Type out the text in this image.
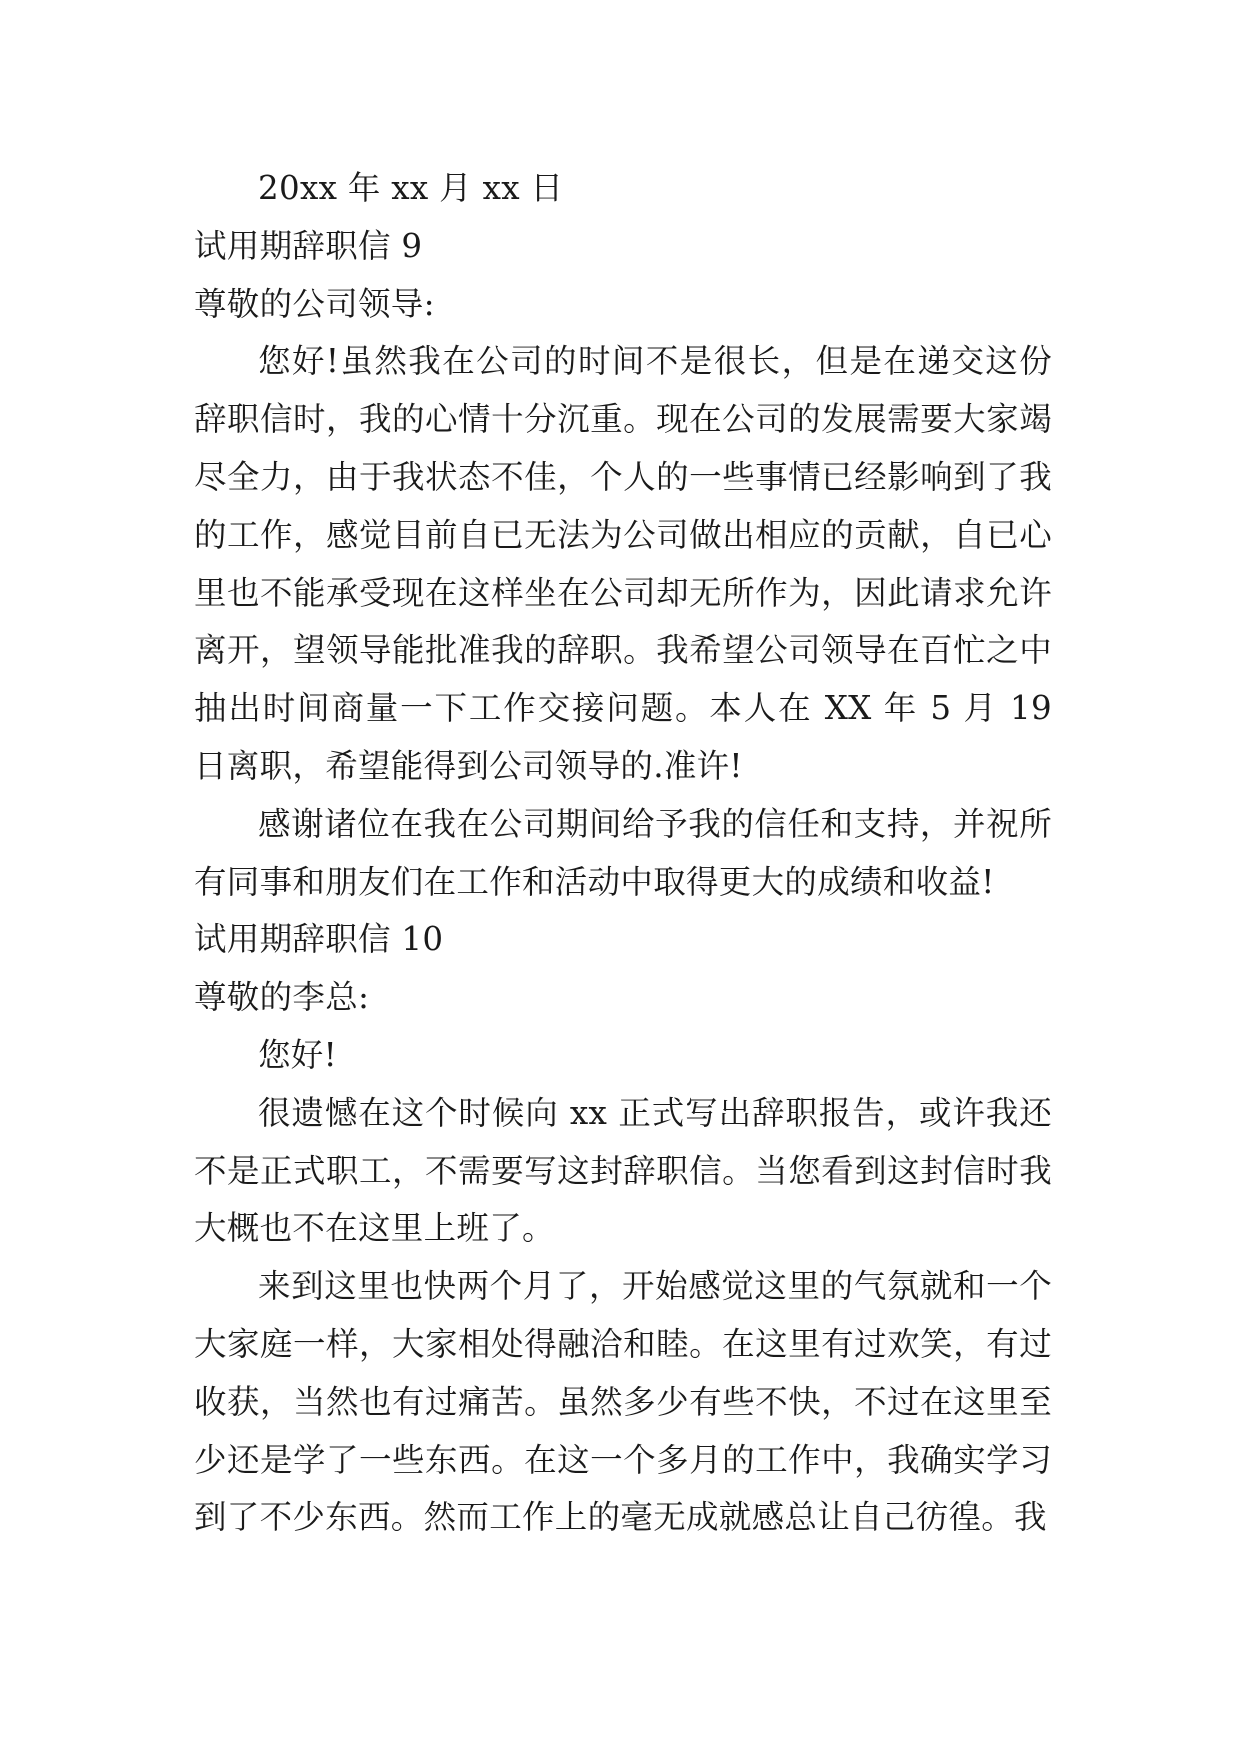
20xx 年 xx 月 xx 日

试用期辞职信 9

尊敬的公司领导:

您好!虽然我在公司的时间不是很长，但是在递交这份辞职信时，我的心情十分沉重。现在公司的发展需要大家竭尽全力，由于我状态不佳，个人的一些事情已经影响到了我的工作，感觉目前自已无法为公司做出相应的贡献，自已心里也不能承受现在这样坐在公司却无所作为，因此请求允许离开，望领导能批准我的辞职。我希望公司领导在百忙之中抽出时间商量一下工作交接问题。本人在 XX 年 5 月 19 日离职，希望能得到公司领导的.准许!

感谢诸位在我在公司期间给予我的信任和支持，并祝所有同事和朋友们在工作和活动中取得更大的成绩和收益!

试用期辞职信 10

尊敬的李总:

您好!

很遗憾在这个时候向 xx 正式写出辞职报告，或许我还不是正式职工，不需要写这封辞职信。当您看到这封信时我大概也不在这里上班了。

来到这里也快两个月了，开始感觉这里的气氛就和一个大家庭一样，大家相处得融洽和睦。在这里有过欢笑，有过收获，当然也有过痛苦。虽然多少有些不快，不过在这里至少还是学了一些东西。在这一个多月的工作中，我确实学习到了不少东西。然而工作上的毫无成就感总让自己彷徨。我
